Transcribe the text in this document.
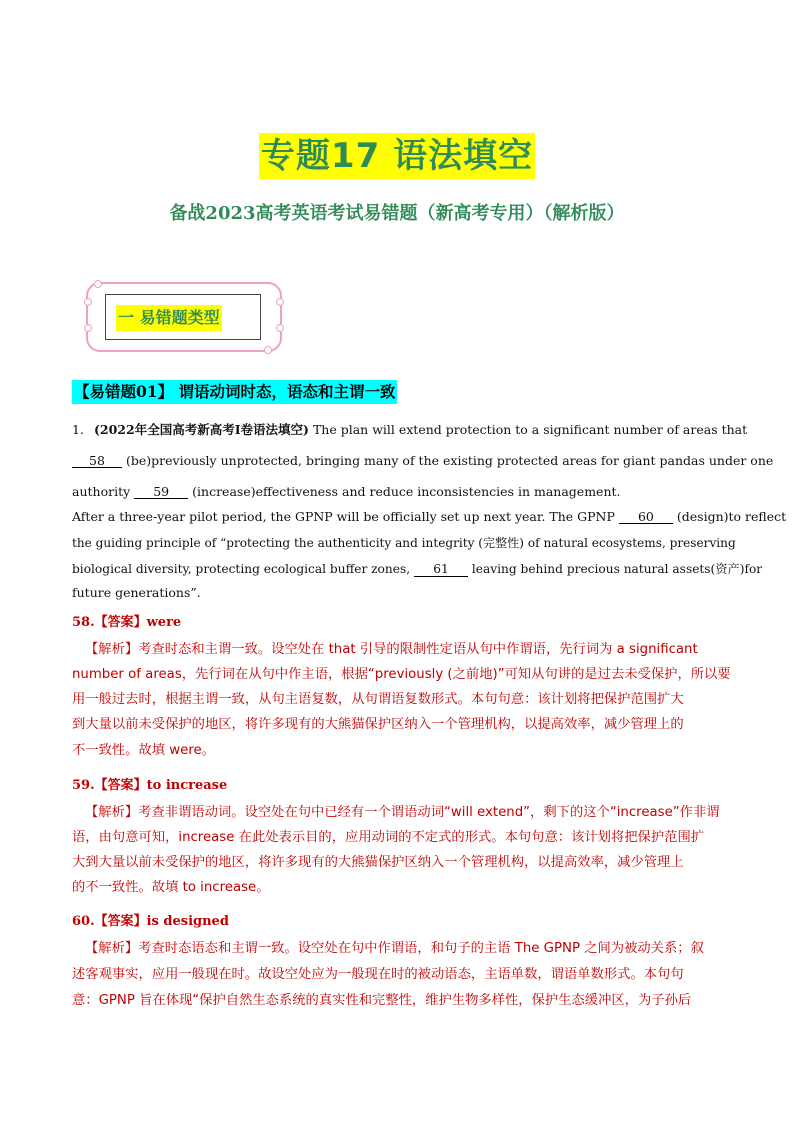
专题17 语法填空
备战2023高考英语考试易错题（新高考专用）（解析版）
一 易错题类型
【易错题01】 谓语动词时态，语态和主谓一致
1. (2022年全国高考新高考I卷语法填空) The plan will extend protection to a significant number of areas that
58 (be)previously unprotected, bringing many of the existing protected areas for giant pandas under one
authority 59 (increase)effectiveness and reduce inconsistencies in management.
After a three-year pilot period, the GPNP will be officially set up next year. The GPNP 60 (design)to reflect
the guiding principle of “protecting the authenticity and integrity (完整性) of natural ecosystems, preserving
biological diversity, protecting ecological buffer zones, 61 leaving behind precious natural assets(资产)for
future generations”.
58.【答案】were
【解析】考查时态和主谓一致。设空处在 that 引导的限制性定语从句中作谓语，先行词为 a significant
number of areas，先行词在从句中作主语，根据“previously (之前地)”可知从句讲的是过去未受保护，所以要
用一般过去时，根据主谓一致，从句主语复数，从句谓语复数形式。本句句意：该计划将把保护范围扩大
到大量以前未受保护的地区，将许多现有的大熊猫保护区纳入一个管理机构，以提高效率，减少管理上的
不一致性。故填 were。
59.【答案】to increase
【解析】考查非谓语动词。设空处在句中已经有一个谓语动词“will extend”，剩下的这个“increase”作非谓
语，由句意可知，increase 在此处表示目的，应用动词的不定式的形式。本句句意：该计划将把保护范围扩
大到大量以前未受保护的地区，将许多现有的大熊猫保护区纳入一个管理机构，以提高效率，减少管理上
的不一致性。故填 to increase。
60.【答案】is designed
【解析】考查时态语态和主谓一致。设空处在句中作谓语，和句子的主语 The GPNP 之间为被动关系；叙
述客观事实，应用一般现在时。故设空处应为一般现在时的被动语态，主语单数，谓语单数形式。本句句
意：GPNP 旨在体现“保护自然生态系统的真实性和完整性，维护生物多样性，保护生态缓冲区，为子孙后
